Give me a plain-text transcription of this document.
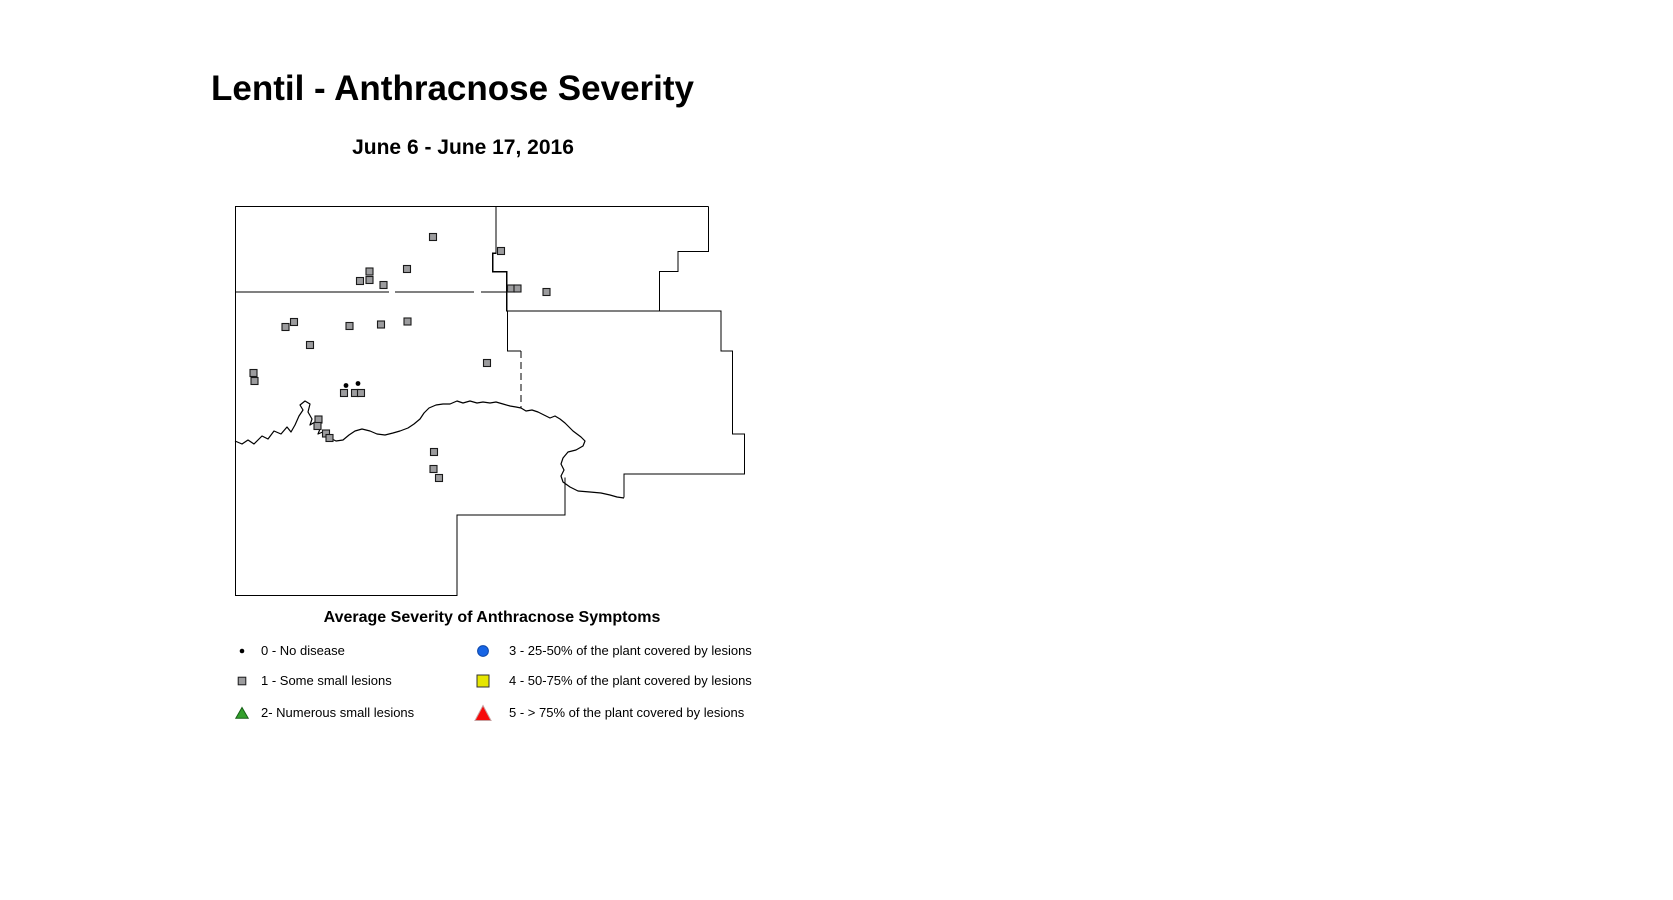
Lentil - Anthracnose Severity
June 6 - June 17, 2016
Average Severity of Anthracnose Symptoms
0 - No disease
1 - Some small lesions
2- Numerous small lesions
3 - 25-50% of the plant covered by lesions
4 - 50-75% of the plant covered by lesions
5 - > 75% of the plant covered by lesions
